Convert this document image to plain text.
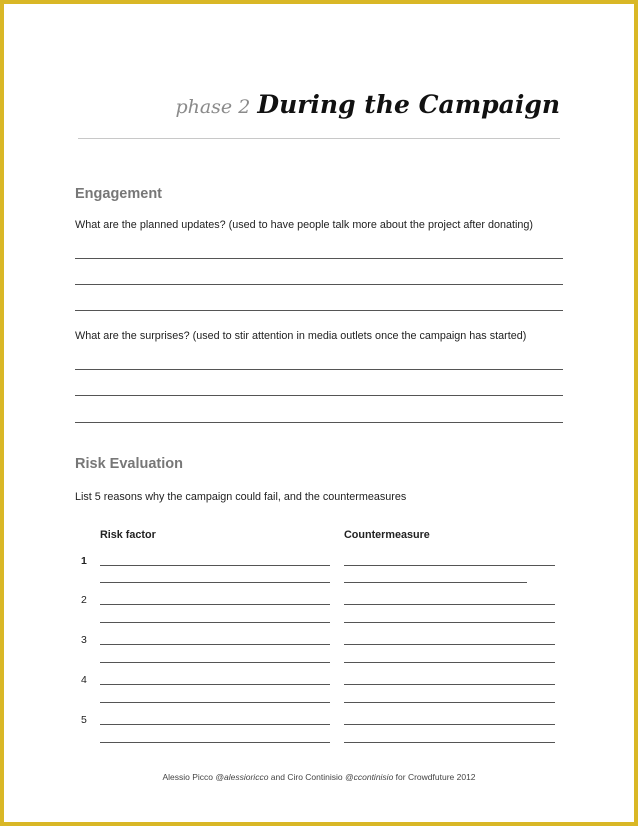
phase 2 During the Campaign
Engagement
What are the planned updates? (used to have people talk more about the project after donating)
What are the surprises? (used to stir attention in media outlets once the campaign has started)
Risk Evaluation
List 5 reasons why the campaign could fail, and the countermeasures
Risk factor	Countermeasure
1
2
3
4
5
Alessio Picco @alessioricco and Ciro Continisio @ccontinisio for Crowdfuture 2012
